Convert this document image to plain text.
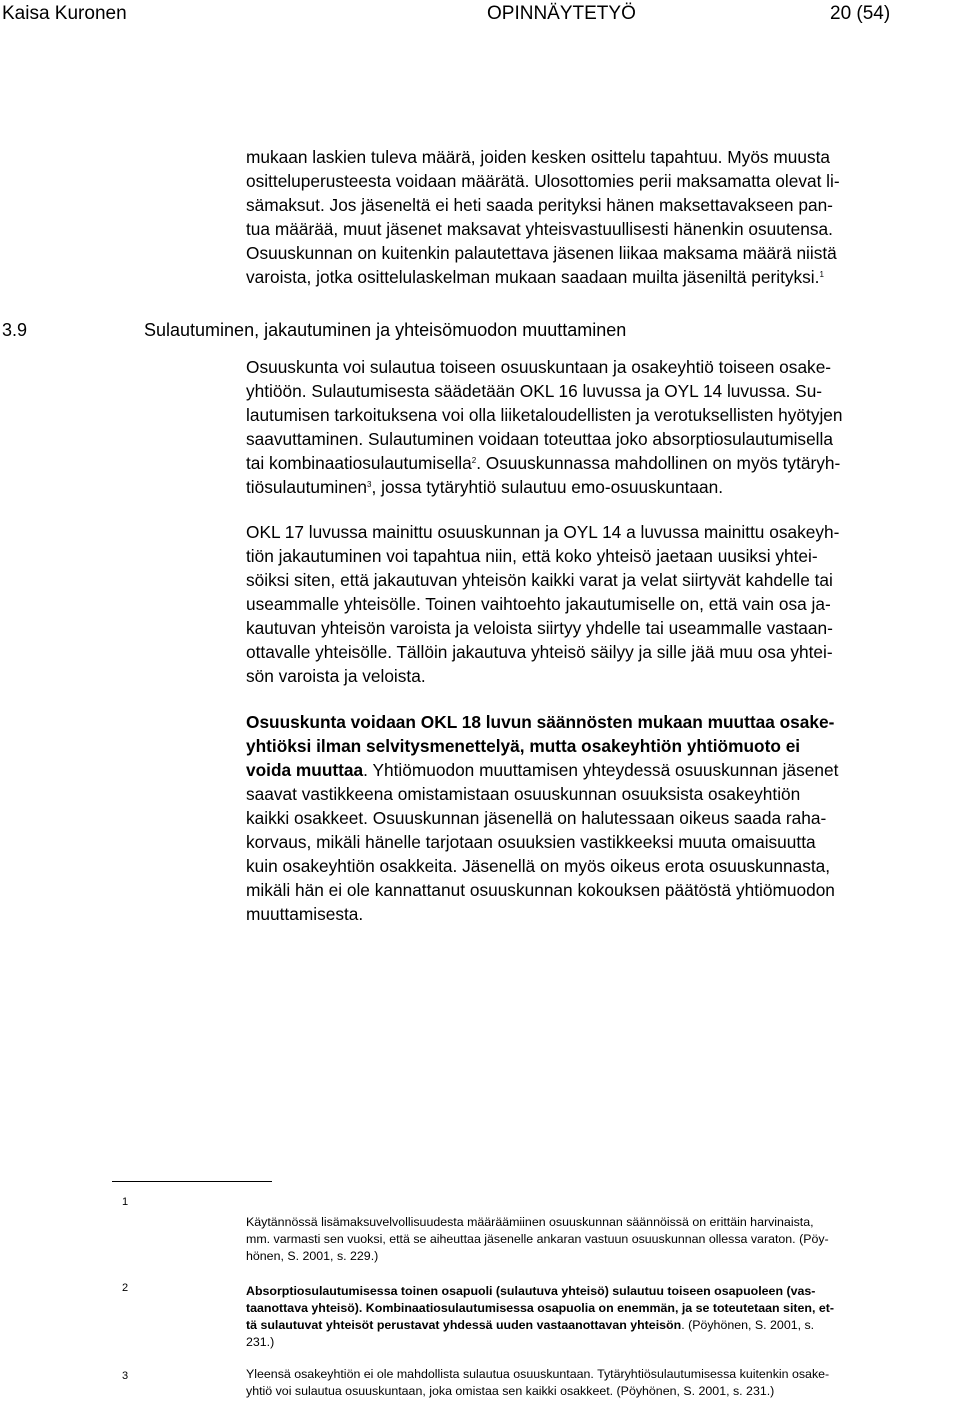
Kaisa Kuronen	OPINNÄYTETYÖ	20 (54)
mukaan laskien tuleva määrä, joiden kesken osittelu tapahtuu. Myös muusta
ositteluperusteesta voidaan määrätä. Ulosottomies perii maksamatta olevat li-
sämaksut. Jos jäseneltä ei heti saada perityksi hänen maksettavakseen pan-
tua määrää, muut jäsenet maksavat yhteisvastuullisesti hänenkin osuutensa.
Osuuskunnan on kuitenkin palautettava jäsenen liikaa maksama määrä niistä
varoista, jotka osittelulaskelman mukaan saadaan muilta jäseniltä perityksi.$^1$
3.9	Sulautuminen, jakautuminen ja yhteisömuodon muuttaminen
Osuuskunta voi sulautua toiseen osuuskuntaan ja osakeyhtiö toiseen osake-
yhtiöön. Sulautumisesta säädetään OKL 16 luvussa ja OYL 14 luvussa. Su-
lautumisen tarkoituksena voi olla liiketaloudellisten ja verotuksellisten hyötyjen
saavuttaminen. Sulautuminen voidaan toteuttaa joko absorptiosulautumisella
tai kombinaatiosulautumisella$^2$. Osuuskunnassa mahdollinen on myös tytäryh-
tiösulautuminen$^3$, jossa tytäryhtiö sulautuu emo-osuuskuntaan.
OKL 17 luvussa mainittu osuuskunnan ja OYL 14 a luvussa mainittu osakeyh-
tiön jakautuminen voi tapahtua niin, että koko yhteisö jaetaan uusiksi yhtei-
söiksi siten, että jakautuvan yhteisön kaikki varat ja velat siirtyvät kahdelle tai
useammalle yhteisölle. Toinen vaihtoehto jakautumiselle on, että vain osa ja-
kautuvan yhteisön varoista ja veloista siirtyy yhdelle tai useammalle vastaan-
ottavalle yhteisölle. Tällöin jakautuva yhteisö säilyy ja sille jää muu osa yhtei-
sön varoista ja veloista.
Osuuskunta voidaan OKL 18 luvun säännösten mukaan muuttaa osake-
yhtiöksi ilman selvitysmenettelyä, mutta osakeyhtiön yhtiömuoto ei
voida muuttaa. Yhtiömuodon muuttamisen yhteydessä osuuskunnan jäsenet
saavat vastikkeena omistamistaan osuuskunnan osuuksista osakeyhtiön
kaikki osakkeet. Osuuskunnan jäsenellä on halutessaan oikeus saada raha-
korvaus, mikäli hänelle tarjotaan osuuksien vastikkeeksi muuta omaisuutta
kuin osakeyhtiön osakkeita. Jäsenellä on myös oikeus erota osuuskunnasta,
mikäli hän ei ole kannattanut osuuskunnan kokouksen päätöstä yhtiömuodon
muuttamisesta.
1
Käytännössä lisämaksuvelvollisuudesta määräämiinen osuuskunnan säännöissä on erittäin harvinaista,
mm. varmasti sen vuoksi, että se aiheuttaa jäsenelle ankaran vastuun osuuskunnan ollessa varaton. (Pöy-
hönen, S. 2001, s. 229.)
2	Absorptiosulautumisessa toinen osapuoli (sulautuva yhteisö) sulautuu toiseen osapuoleen (vas-
taanottava yhteisö). Kombinaatiosulautumisessa osapuolia on enemmän, ja se toteutetaan siten, et-
tä sulautuvat yhteisöt perustavat yhdessä uuden vastaanottavan yhteisön. (Pöyhönen, S. 2001, s.
231.)
3	Yleensä osakeyhtiön ei ole mahdollista sulautua osuuskuntaan. Tytäryhtiösulautumisessa kuitenkin osake-
yhtiö voi sulautua osuuskuntaan, joka omistaa sen kaikki osakkeet. (Pöyhönen, S. 2001, s. 231.)
